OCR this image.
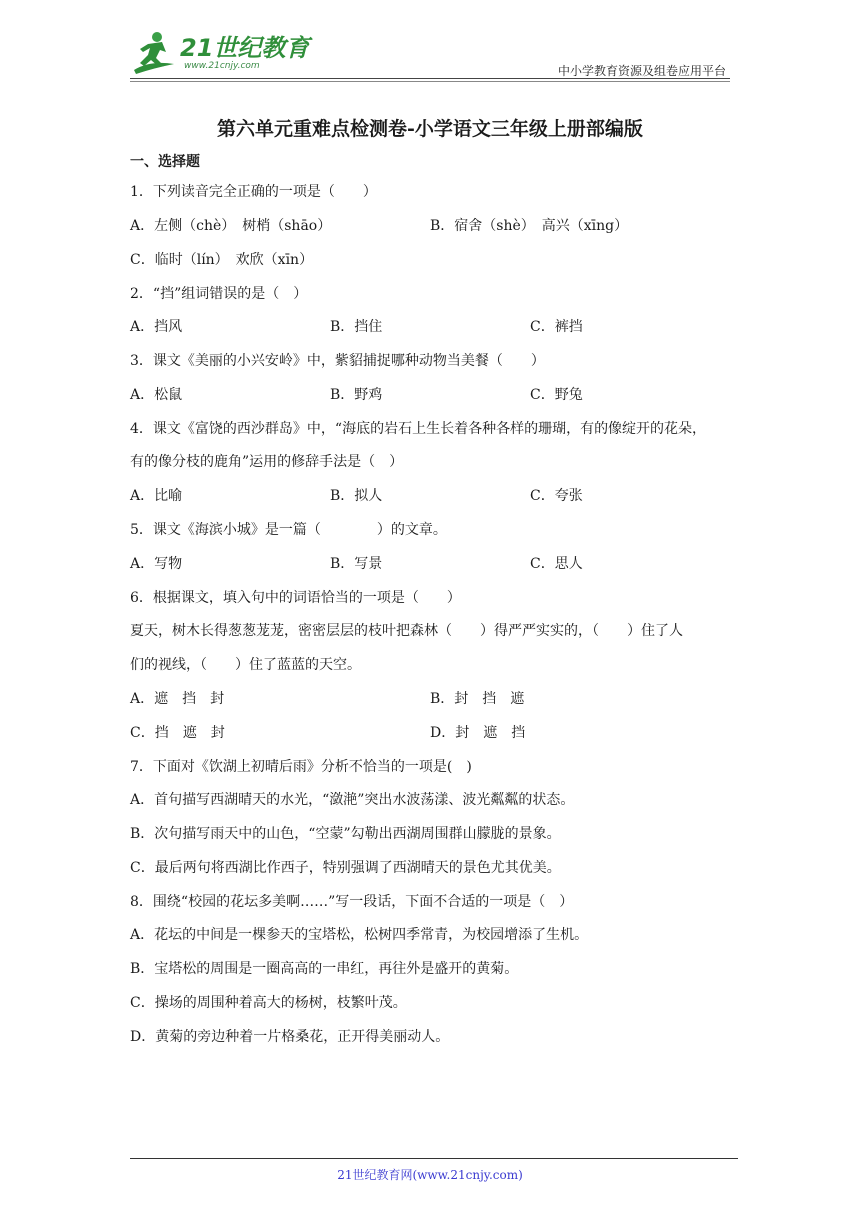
21世纪教育
www.21cnjy.com	中小学教育资源及组卷应用平台
第六单元重难点检测卷-小学语文三年级上册部编版
一、选择题
1．下列读音完全正确的一项是（　　）
A．左侧（chè）　树梢（shāo）	B．宿舍（shè）　高兴（xīng）
C．临时（lín）　欢欣（xīn）
2．“挡”组词错误的是（　）
A．挡风	B．挡住	C．裤挡
3．课文《美丽的小兴安岭》中，紫貂捕捉哪种动物当美餐（　　）
A．松鼠	B．野鸡	C．野兔
4．课文《富饶的西沙群岛》中，“海底的岩石上生长着各种各样的珊瑚，有的像绽开的花朵，
有的像分枝的鹿角”运用的修辞手法是（　）
A．比喻	B．拟人	C．夸张
5．课文《海滨小城》是一篇（　　　　）的文章。
A．写物	B．写景	C．思人
6．根据课文，填入句中的词语恰当的一项是（　　）
夏天，树木长得葱葱茏茏，密密层层的枝叶把森林（　　）得严严实实的，（　　）住了人
们的视线，（　　）住了蓝蓝的天空。
A．遮　挡　封	B．封　挡　遮
C．挡　遮　封	D．封　遮　挡
7．下面对《饮湖上初晴后雨》分析不恰当的一项是(　)
A．首句描写西湖晴天的水光，“潋滟”突出水波荡漾、波光粼粼的状态。
B．次句描写雨天中的山色，“空蒙”勾勒出西湖周围群山朦胧的景象。
C．最后两句将西湖比作西子，特别强调了西湖晴天的景色尤其优美。
8．围绕“校园的花坛多美啊……”写一段话，下面不合适的一项是（　）
A．花坛的中间是一棵参天的宝塔松，松树四季常青，为校园增添了生机。
B．宝塔松的周围是一圈高高的一串红，再往外是盛开的黄菊。
C．操场的周围种着高大的杨树，枝繁叶茂。
D．黄菊的旁边种着一片格桑花，正开得美丽动人。
21世纪教育网(www.21cnjy.com)
